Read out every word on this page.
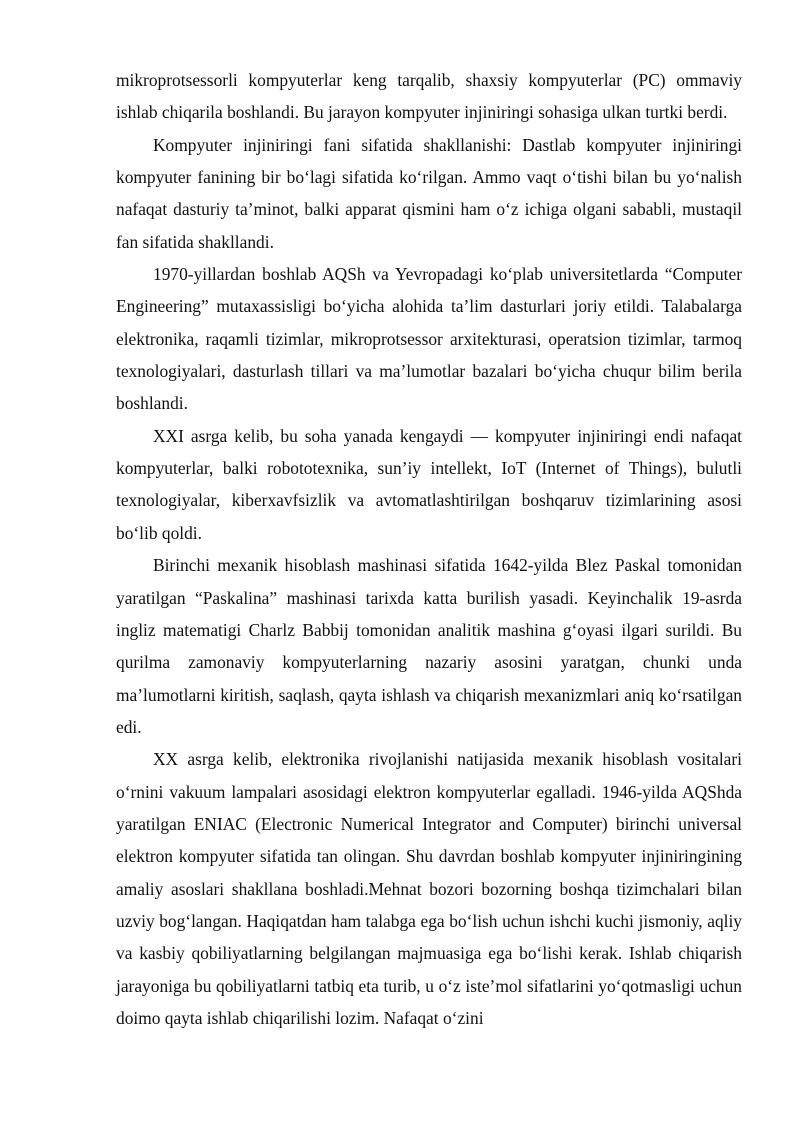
mikroprotsessorli kompyuterlar keng tarqalib, shaxsiy kompyuterlar (PC) ommaviy ishlab chiqarila boshlandi. Bu jarayon kompyuter injiniringi sohasiga ulkan turtki berdi.

Kompyuter injiniringi fani sifatida shakllanishi: Dastlab kompyuter injiniringi kompyuter fanining bir bo‘lagi sifatida ko‘rilgan. Ammo vaqt o‘tishi bilan bu yo‘nalish nafaqat dasturiy ta’minot, balki apparat qismini ham o‘z ichiga olgani sababli, mustaqil fan sifatida shakllandi.

1970-yillardan boshlab AQSh va Yevropadagi ko‘plab universitetlarda “Computer Engineering” mutaxassisligi bo‘yicha alohida ta’lim dasturlari joriy etildi. Talabalarga elektronika, raqamli tizimlar, mikroprotsessor arxitekturasi, operatsion tizimlar, tarmoq texnologiyalari, dasturlash tillari va ma’lumotlar bazalari bo‘yicha chuqur bilim berila boshlandi.

XXI asrga kelib, bu soha yanada kengaydi — kompyuter injiniringi endi nafaqat kompyuterlar, balki robototexnika, sun’iy intellekt, IoT (Internet of Things), bulutli texnologiyalar, kiberxavfsizlik va avtomatlashtirilgan boshqaruv tizimlarining asosi bo‘lib qoldi.

Birinchi mexanik hisoblash mashinasi sifatida 1642-yilda Blez Paskal tomonidan yaratilgan “Paskalina” mashinasi tarixda katta burilish yasadi. Keyinchalik 19-asrda ingliz matematigi Charlz Babbij tomonidan analitik mashina g‘oyasi ilgari surildi. Bu qurilma zamonaviy kompyuterlarning nazariy asosini yaratgan, chunki unda ma’lumotlarni kiritish, saqlash, qayta ishlash va chiqarish mexanizmlari aniq ko‘rsatilgan edi.

XX asrga kelib, elektronika rivojlanishi natijasida mexanik hisoblash vositalari o‘rnini vakuum lampalari asosidagi elektron kompyuterlar egalladi. 1946-yilda AQShda yaratilgan ENIAC (Electronic Numerical Integrator and Computer) birinchi universal elektron kompyuter sifatida tan olingan. Shu davrdan boshlab kompyuter injiniringining amaliy asoslari shakllana boshladi.Mehnat bozori bozorning boshqa tizimchalari bilan uzviy bog‘langan. Haqiqatdan ham talabga ega bo‘lish uchun ishchi kuchi jismoniy, aqliy va kasbiy qobiliyatlarning belgilangan majmuasiga ega bo‘lishi kerak. Ishlab chiqarish jarayoniga bu qobiliyatlarni tatbiq eta turib, u o‘z iste’mol sifatlarini yo‘qotmasligi uchun doimo qayta ishlab chiqarilishi lozim. Nafaqat o‘zini
